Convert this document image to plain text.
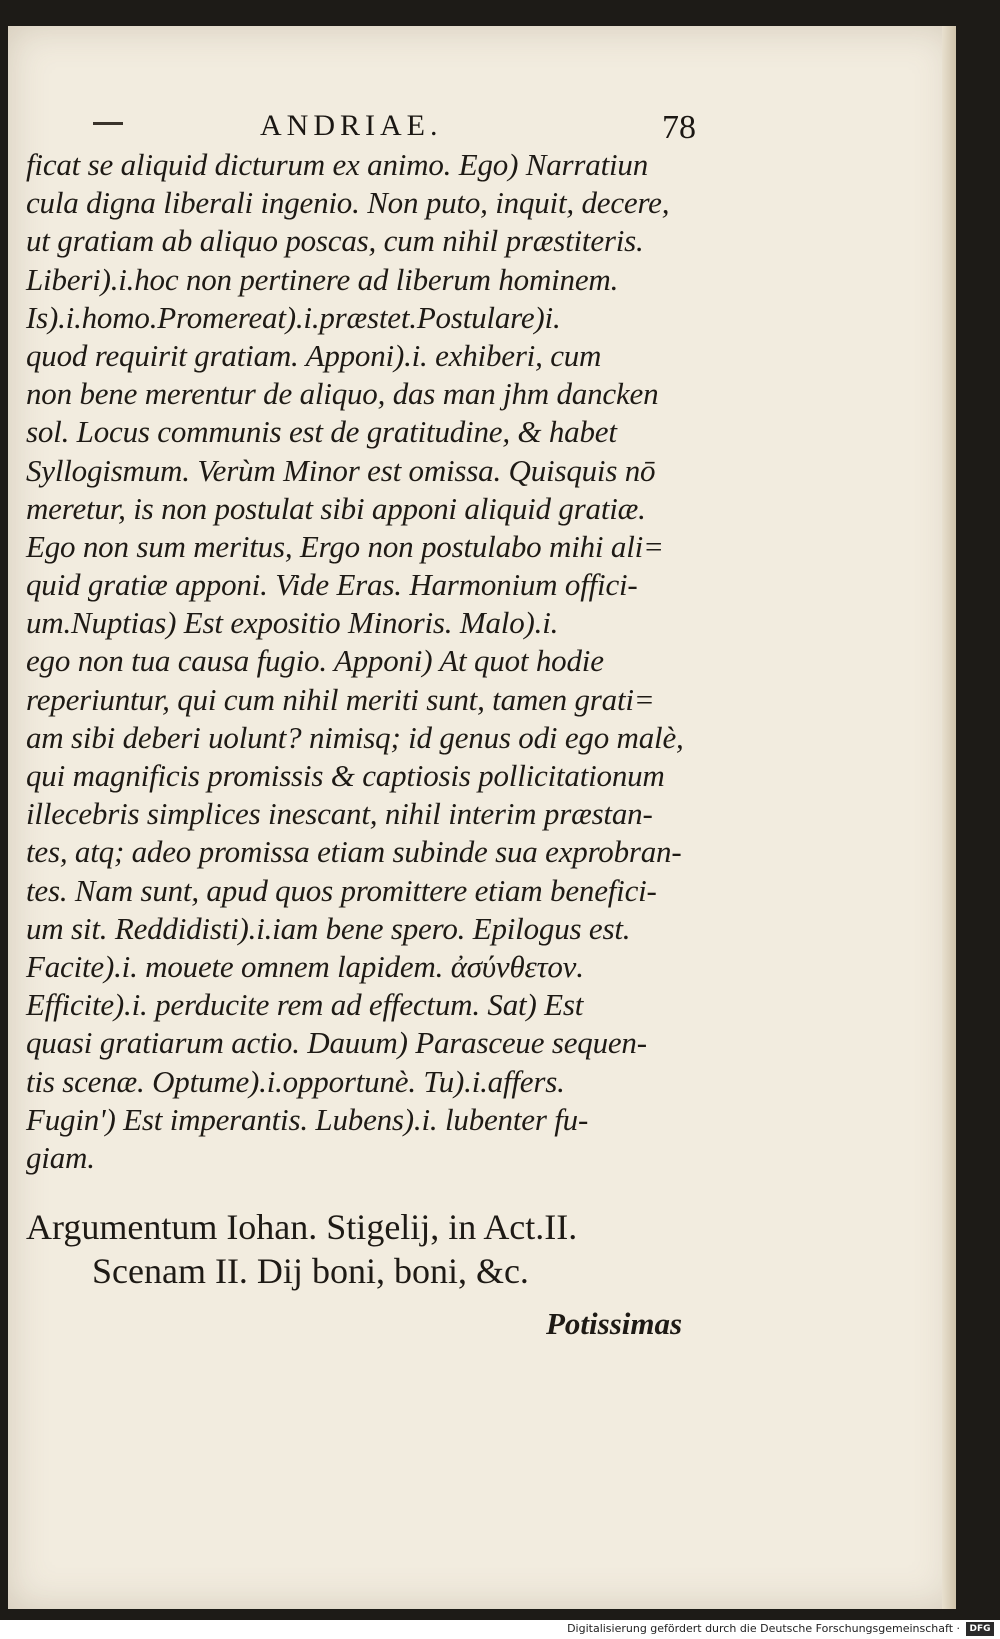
ANDRIAE.	78
ficat se aliquid dicturum ex animo. Ego) Narratiun
cula digna liberali ingenio. Non puto, inquit, decere,
ut gratiam ab aliquo poscas, cum nihil præstiteris.
Liberi).i.hoc non pertinere ad liberum hominem.
Is).i.homo.Promereat).i.præstet.Postulare)i.
quod requirit gratiam. Apponi).i. exhiberi, cum
non bene merentur de aliquo, das man jhm dancken
sol. Locus communis est de gratitudine, & habet
Syllogismum. Verùm Minor est omissa. Quisquis nō
meretur, is non postulat sibi apponi aliquid gratiæ.
Ego non sum meritus, Ergo non postulabo mihi ali=
quid gratiæ apponi. Vide Eras. Harmonium offici-
um.Nuptias) Est expositio Minoris. Malo).i.
ego non tua causa fugio. Apponi) At quot hodie
reperiuntur, qui cum nihil meriti sunt, tamen grati=
am sibi deberi uolunt? nimisq; id genus odi ego malè,
qui magnificis promissis & captiosis pollicitationum
illecebris simplices inescant, nihil interim præstan-
tes, atq; adeo promissa etiam subinde sua exprobran-
tes. Nam sunt, apud quos promittere etiam benefici-
um sit. Reddidisti).i.iam bene spero. Epilogus est.
Facite).i. mouete omnem lapidem. ἀσύνθετον.
Efficite).i. perducite rem ad effectum. Sat) Est
quasi gratiarum actio. Dauum) Parasceue sequen-
tis scenæ. Optume).i.opportunè. Tu).i.affers.
Fugin') Est imperantis. Lubens).i. lubenter fu-
giam.
Argumentum Iohan. Stigelij, in Act.II.
Scenam II. Dij boni, boni, &c.
Potissimas
Digitalisierung gefördert durch die Deutsche Forschungsgemeinschaft ·	DFG
